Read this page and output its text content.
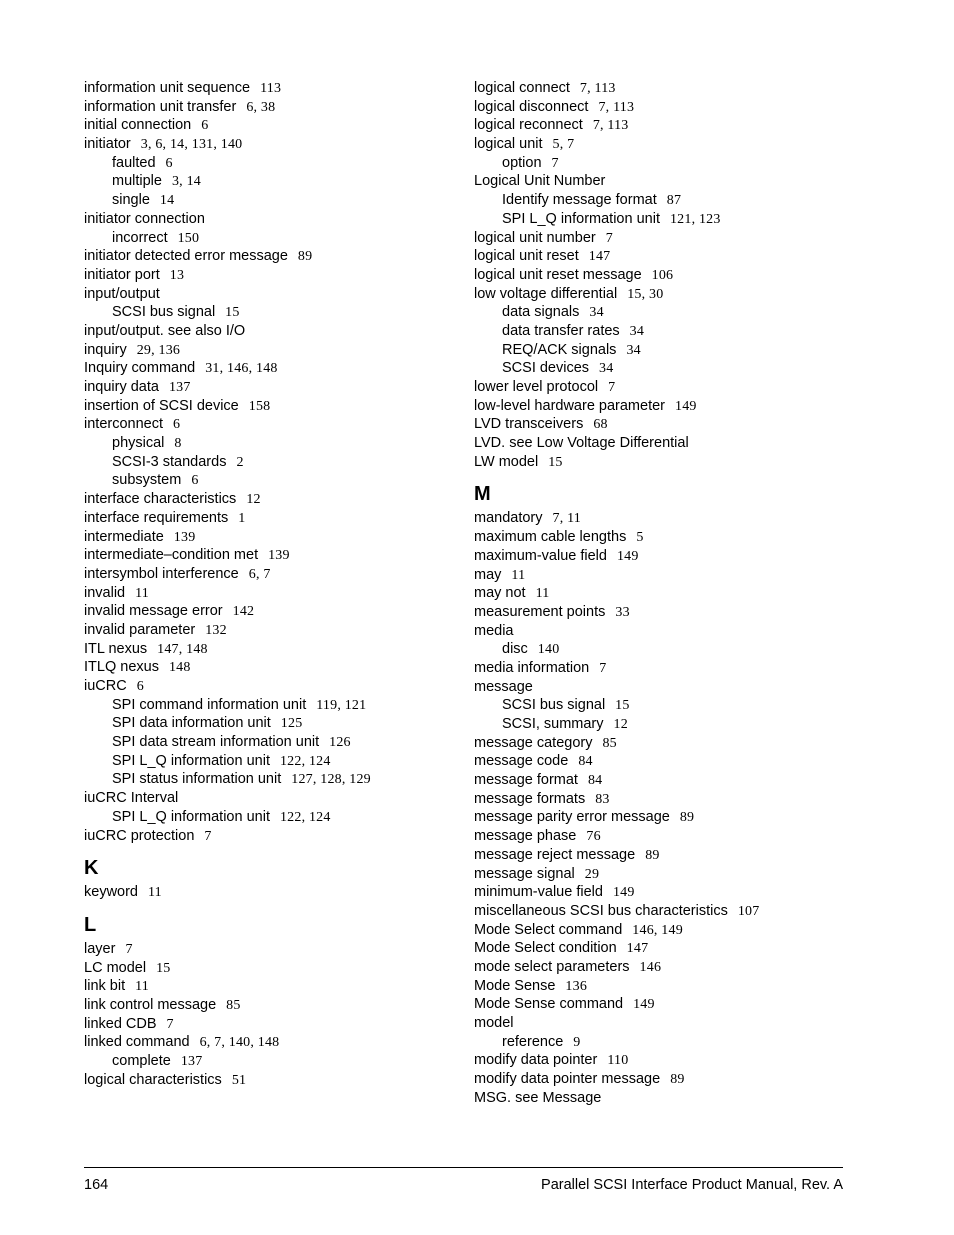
information unit sequence 113
information unit transfer 6, 38
initial connection 6
initiator 3, 6, 14, 131, 140
faulted 6
multiple 3, 14
single 14
initiator connection
incorrect 150
initiator detected error message 89
initiator port 13
input/output
SCSI bus signal 15
input/output. see also I/O
inquiry 29, 136
Inquiry command 31, 146, 148
inquiry data 137
insertion of SCSI device 158
interconnect 6
physical 8
SCSI-3 standards 2
subsystem 6
interface characteristics 12
interface requirements 1
intermediate 139
intermediate–condition met 139
intersymbol interference 6, 7
invalid 11
invalid message error 142
invalid parameter 132
ITL nexus 147, 148
ITLQ nexus 148
iuCRC 6
SPI command information unit 119, 121
SPI data information unit 125
SPI data stream information unit 126
SPI L_Q information unit 122, 124
SPI status information unit 127, 128, 129
iuCRC Interval
SPI L_Q information unit 122, 124
iuCRC protection 7
K
keyword 11
L
layer 7
LC model 15
link bit 11
link control message 85
linked CDB 7
linked command 6, 7, 140, 148
complete 137
logical characteristics 51
logical connect 7, 113
logical disconnect 7, 113
logical reconnect 7, 113
logical unit 5, 7
option 7
Logical Unit Number
Identify message format 87
SPI L_Q information unit 121, 123
logical unit number 7
logical unit reset 147
logical unit reset message 106
low voltage differential 15, 30
data signals 34
data transfer rates 34
REQ/ACK signals 34
SCSI devices 34
lower level protocol 7
low-level hardware parameter 149
LVD transceivers 68
LVD. see Low Voltage Differential
LW model 15
M
mandatory 7, 11
maximum cable lengths 5
maximum-value field 149
may 11
may not 11
measurement points 33
media
disc 140
media information 7
message
SCSI bus signal 15
SCSI, summary 12
message category 85
message code 84
message format 84
message formats 83
message parity error message 89
message phase 76
message reject message 89
message signal 29
minimum-value field 149
miscellaneous SCSI bus characteristics 107
Mode Select command 146, 149
Mode Select condition 147
mode select parameters 146
Mode Sense 136
Mode Sense command 149
model
reference 9
modify data pointer 110
modify data pointer message 89
MSG. see Message
164	Parallel SCSI Interface Product Manual, Rev. A
